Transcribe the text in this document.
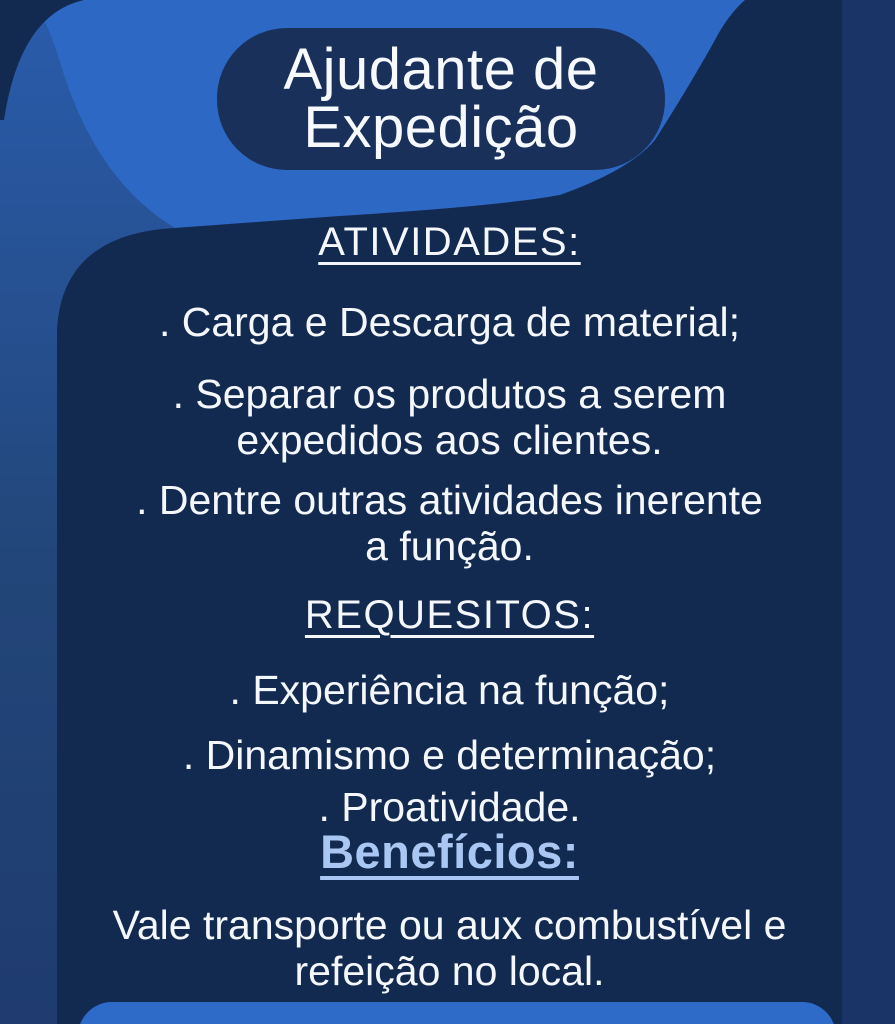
Ajudante de
Expedição
ATIVIDADES:
. Carga e Descarga de material;
. Separar os produtos a serem
expedidos aos clientes.
. Dentre outras atividades inerente
a função.
REQUESITOS:
. Experiência na função;
. Dinamismo e determinação;
. Proatividade.
Benefícios:
Vale transporte ou aux combustível e
refeição no local.
